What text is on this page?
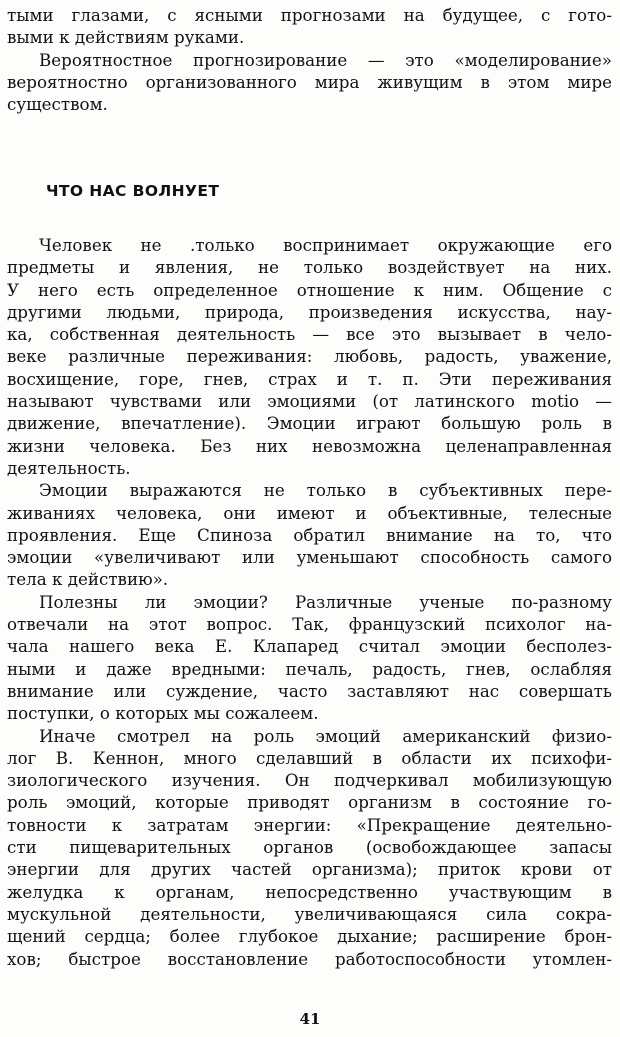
тыми глазами, с ясными прогнозами на будущее, с гото-
выми к действиям руками.
Вероятностное прогнозирование — это «моделирование»
вероятностно организованного мира живущим в этом мире
существом.
ЧТО НАС ВОЛНУЕТ
Человек не .только воспринимает окружающие его
предметы и явления, не только воздействует на них.
У него есть определенное отношение к ним. Общение с
другими людьми, природа, произведения искусства, нау-
ка, собственная деятельность — все это вызывает в чело-
веке различные переживания: любовь, радость, уважение,
восхищение, горе, гнев, страх и т. п. Эти переживания
называют чувствами или эмоциями (от латинского motio —
движение, впечатление). Эмоции играют большую роль в
жизни человека. Без них невозможна целенаправленная
деятельность.
Эмоции выражаются не только в субъективных пере-
живаниях человека, они имеют и объективные, телесные
проявления. Еще Спиноза обратил внимание на то, что
эмоции «увеличивают или уменьшают способность самого
тела к действию».
Полезны ли эмоции? Различные ученые по-разному
отвечали на этот вопрос. Так, французский психолог на-
чала нашего века Е. Клапаред считал эмоции бесполез-
ными и даже вредными: печаль, радость, гнев, ослабляя
внимание или суждение, часто заставляют нас совершать
поступки, о которых мы сожалеем.
Иначе смотрел на роль эмоций американский физио-
лог В. Кеннон, много сделавший в области их психофи-
зиологического изучения. Он подчеркивал мобилизующую
роль эмоций, которые приводят организм в состояние го-
товности к затратам энергии: «Прекращение деятельно-
сти пищеварительных органов (освобождающее запасы
энергии для других частей организма); приток крови от
желудка к органам, непосредственно участвующим в
мускульной деятельности, увеличивающаяся сила сокра-
щений сердца; более глубокое дыхание; расширение брон-
хов; быстрое восстановление работоспособности утомлен-
41
